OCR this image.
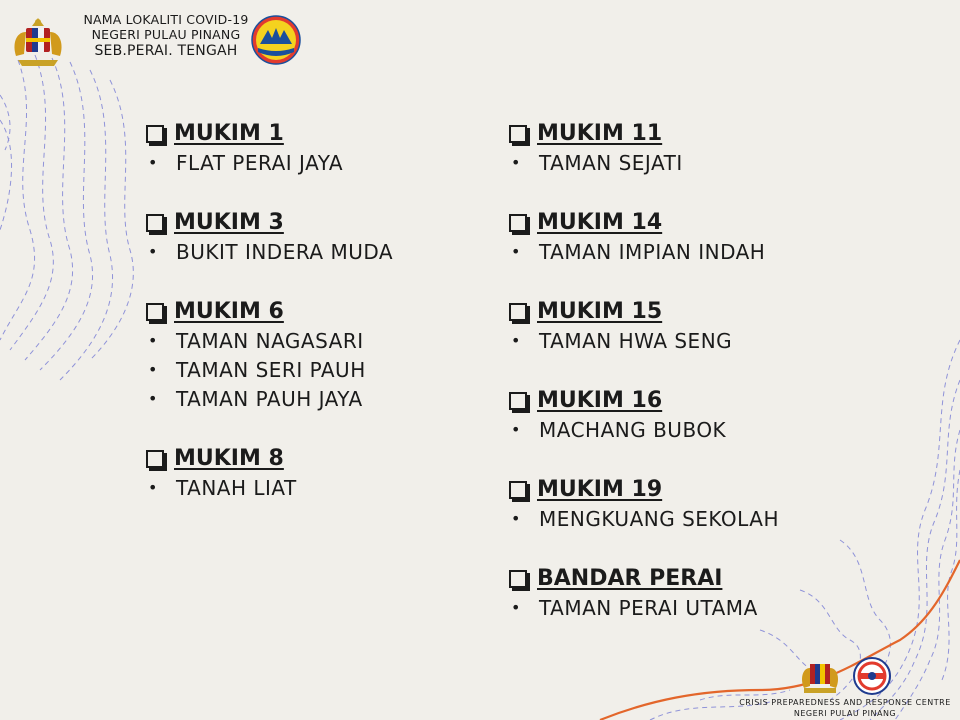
NAMA LOKALITI COVID-19
NEGERI PULAU PINANG
SEB.PERAI. TENGAH
MUKIM 1
• FLAT PERAI JAYA
MUKIM 3
• BUKIT INDERA MUDA
MUKIM 6
• TAMAN NAGASARI
• TAMAN SERI PAUH
• TAMAN PAUH JAYA
MUKIM 8
• TANAH LIAT
MUKIM 11
• TAMAN SEJATI
MUKIM 14
• TAMAN IMPIAN INDAH
MUKIM 15
• TAMAN HWA SENG
MUKIM 16
• MACHANG BUBOK
MUKIM 19
• MENGKUANG SEKOLAH
BANDAR PERAI
• TAMAN PERAI UTAMA
CRISIS PREPAREDNESS AND RESPONSE CENTRE
NEGERI PULAU PINANG
